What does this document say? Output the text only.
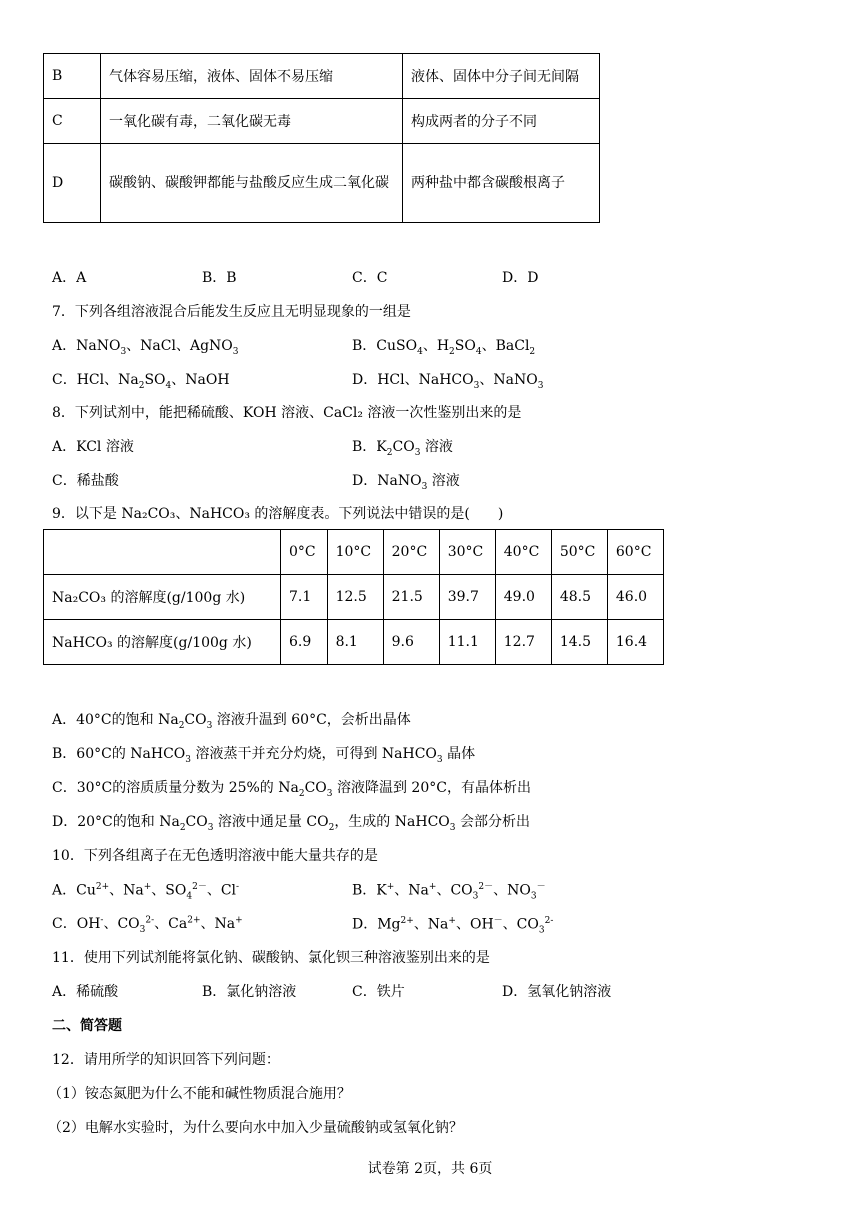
B	气体容易压缩，液体、固体不易压缩	液体、固体中分子间无间隔
C	一氧化碳有毒，二氧化碳无毒	构成两者的分子不同
D	碳酸钠、碳酸钾都能与盐酸反应生成二氧化碳	两种盐中都含碳酸根离子
A．A	B．B	C．C	D．D
7．下列各组溶液混合后能发生反应且无明显现象的一组是
A．NaNO$_3$、NaCl、AgNO$_3$	B．CuSO$_4$、$H_2SO_4$、BaCl$_2$
C．HCl、$Na_2SO_4$、NaOH	D．HCl、NaHCO$_3$、NaNO$_3$
8．下列试剂中，能把稀硫酸、KOH 溶液、CaCl₂ 溶液一次性鉴别出来的是
A．KCl 溶液	B．$K_2CO_3$ 溶液
C．稀盐酸	D．NaNO$_3$ 溶液
9．以下是 Na₂CO₃、NaHCO₃ 的溶解度表。下列说法中错误的是(　　)
	0°C	10°C	20°C	30°C	40°C	50°C	60°C
Na₂CO₃ 的溶解度(g/100g 水)	7.1	12.5	21.5	39.7	49.0	48.5	46.0
NaHCO₃ 的溶解度(g/100g 水)	6.9	8.1	9.6	11.1	12.7	14.5	16.4
A．40°C的饱和 $Na_2CO_3$ 溶液升温到 60°C，会析出晶体
B．60°C的 NaHCO$_3$ 溶液蒸干并充分灼烧，可得到 NaHCO$_3$ 晶体
C．30°C的溶质质量分数为 25%的 $Na_2CO_3$ 溶液降温到 20°C，有晶体析出
D．20°C的饱和 $Na_2CO_3$ 溶液中通足量 $CO_2$，生成的 NaHCO$_3$ 会部分析出
10．下列各组离子在无色透明溶液中能大量共存的是
A．$Cu^{2+}$、Na+、$SO_4^{2-}$、Cl-	B．K+、Na+、$CO_3^{2-}$、$NO_3^-$
C．OH-、$CO_3^{2-}$、$Ca^{2+}$、Na+	D．$Mg^{2+}$、Na+、OH－、$CO_3^{2-}$
11．使用下列试剂能将氯化钠、碳酸钠、氯化钡三种溶液鉴别出来的是
A．稀硫酸	B．氯化钠溶液	C．铁片	D．氢氧化钠溶液
二、简答题
12．请用所学的知识回答下列问题：
（1）铵态氮肥为什么不能和碱性物质混合施用？
（2）电解水实验时，为什么要向水中加入少量硫酸钠或氢氧化钠？
试卷第 2页，共 6页
